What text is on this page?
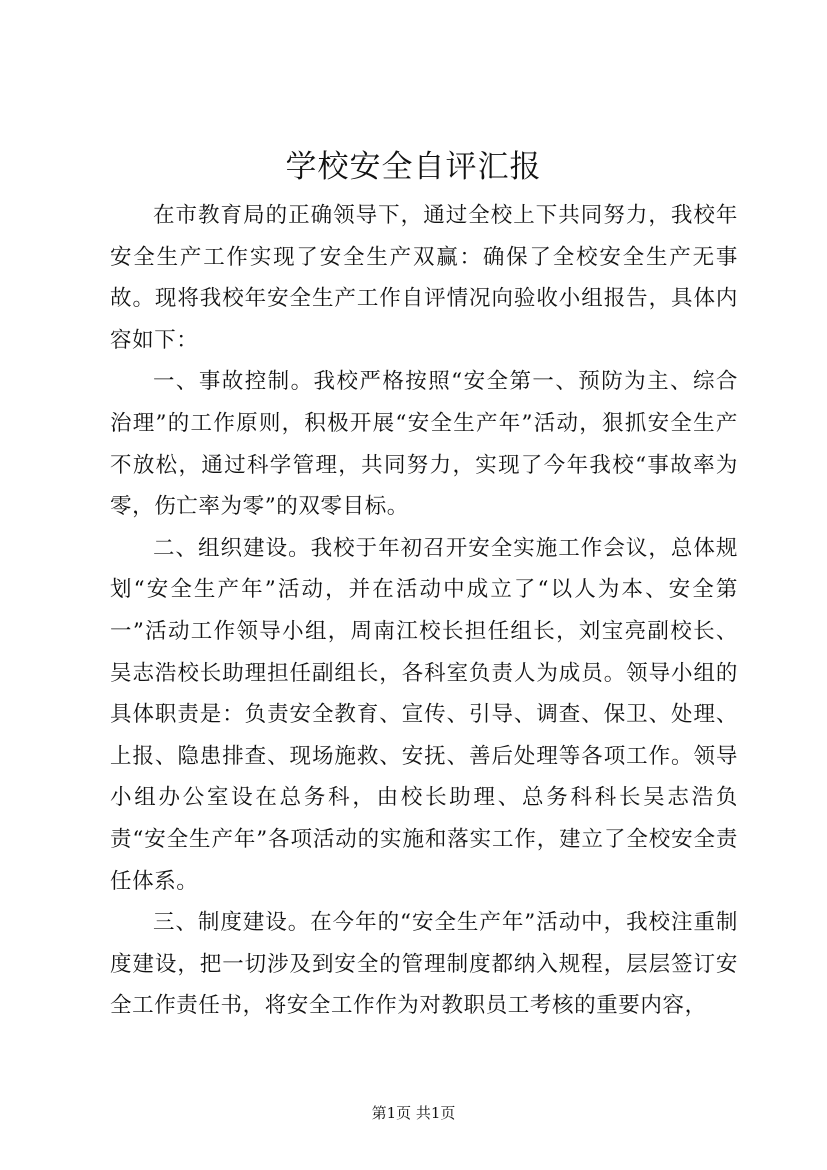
学校安全自评汇报

在市教育局的正确领导下，通过全校上下共同努力，我校年安全生产工作实现了安全生产双赢：确保了全校安全生产无事故。现将我校年安全生产工作自评情况向验收小组报告，具体内容如下：

一、事故控制。我校严格按照“安全第一、预防为主、综合治理”的工作原则，积极开展“安全生产年”活动，狠抓安全生产不放松，通过科学管理，共同努力，实现了今年我校“事故率为零，伤亡率为零”的双零目标。

二、组织建设。我校于年初召开安全实施工作会议，总体规划“安全生产年”活动，并在活动中成立了“以人为本、安全第一”活动工作领导小组，周南江校长担任组长，刘宝亮副校长、吴志浩校长助理担任副组长，各科室负责人为成员。领导小组的具体职责是：负责安全教育、宣传、引导、调查、保卫、处理、上报、隐患排查、现场施救、安抚、善后处理等各项工作。领导小组办公室设在总务科，由校长助理、总务科科长吴志浩负责“安全生产年”各项活动的实施和落实工作，建立了全校安全责任体系。

三、制度建设。在今年的“安全生产年”活动中，我校注重制度建设，把一切涉及到安全的管理制度都纳入规程，层层签订安全工作责任书，将安全工作作为对教职员工考核的重要内容，

第1页 共1页
